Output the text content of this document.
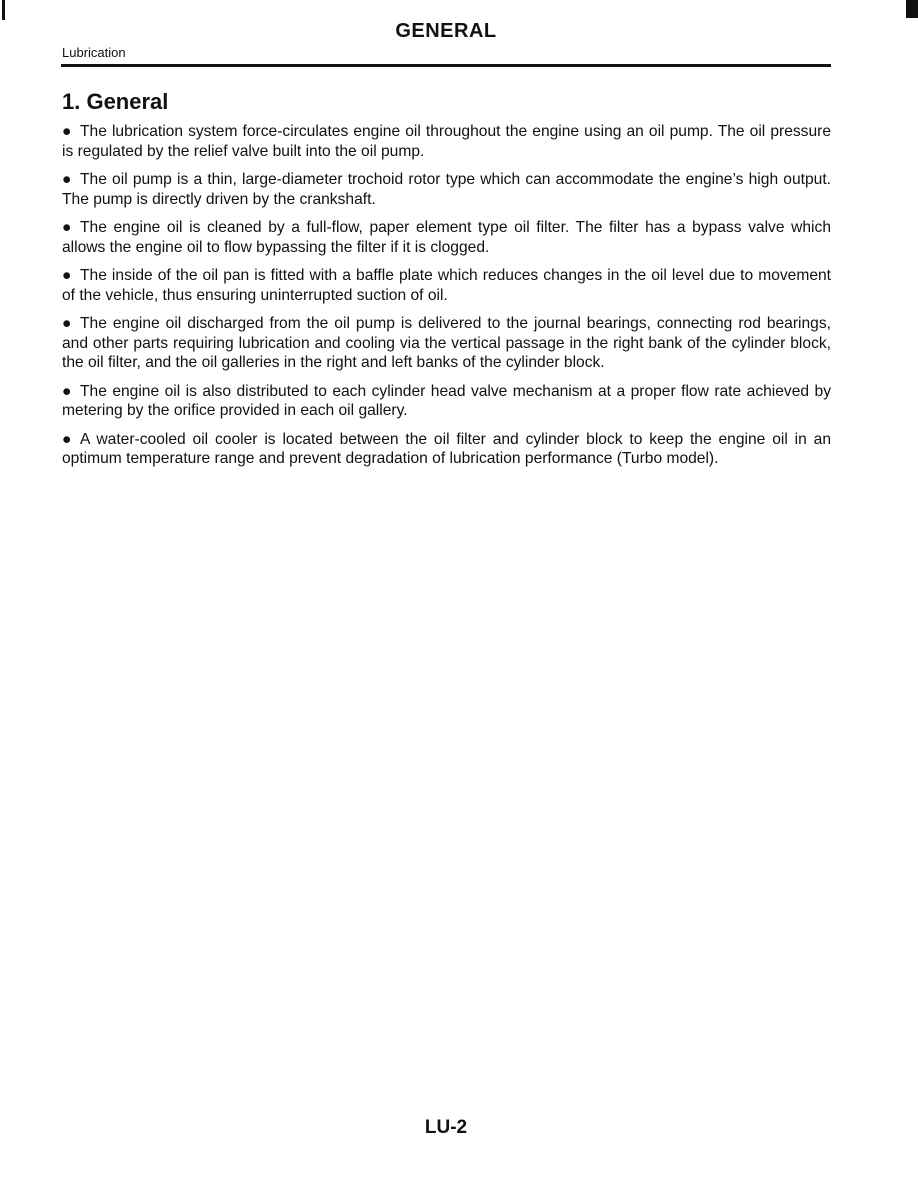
GENERAL
Lubrication
1. General

● The lubrication system force-circulates engine oil throughout the engine using an oil pump. The oil pressure is regulated by the relief valve built into the oil pump.

● The oil pump is a thin, large-diameter trochoid rotor type which can accommodate the engine’s high output. The pump is directly driven by the crankshaft.

● The engine oil is cleaned by a full-flow, paper element type oil filter. The filter has a bypass valve which allows the engine oil to flow bypassing the filter if it is clogged.

● The inside of the oil pan is fitted with a baffle plate which reduces changes in the oil level due to movement of the vehicle, thus ensuring uninterrupted suction of oil.

● The engine oil discharged from the oil pump is delivered to the journal bearings, connecting rod bearings, and other parts requiring lubrication and cooling via the vertical passage in the right bank of the cylinder block, the oil filter, and the oil galleries in the right and left banks of the cylinder block.

● The engine oil is also distributed to each cylinder head valve mechanism at a proper flow rate achieved by metering by the orifice provided in each oil gallery.

● A water-cooled oil cooler is located between the oil filter and cylinder block to keep the engine oil in an optimum temperature range and prevent degradation of lubrication performance (Turbo model).

LU-2
